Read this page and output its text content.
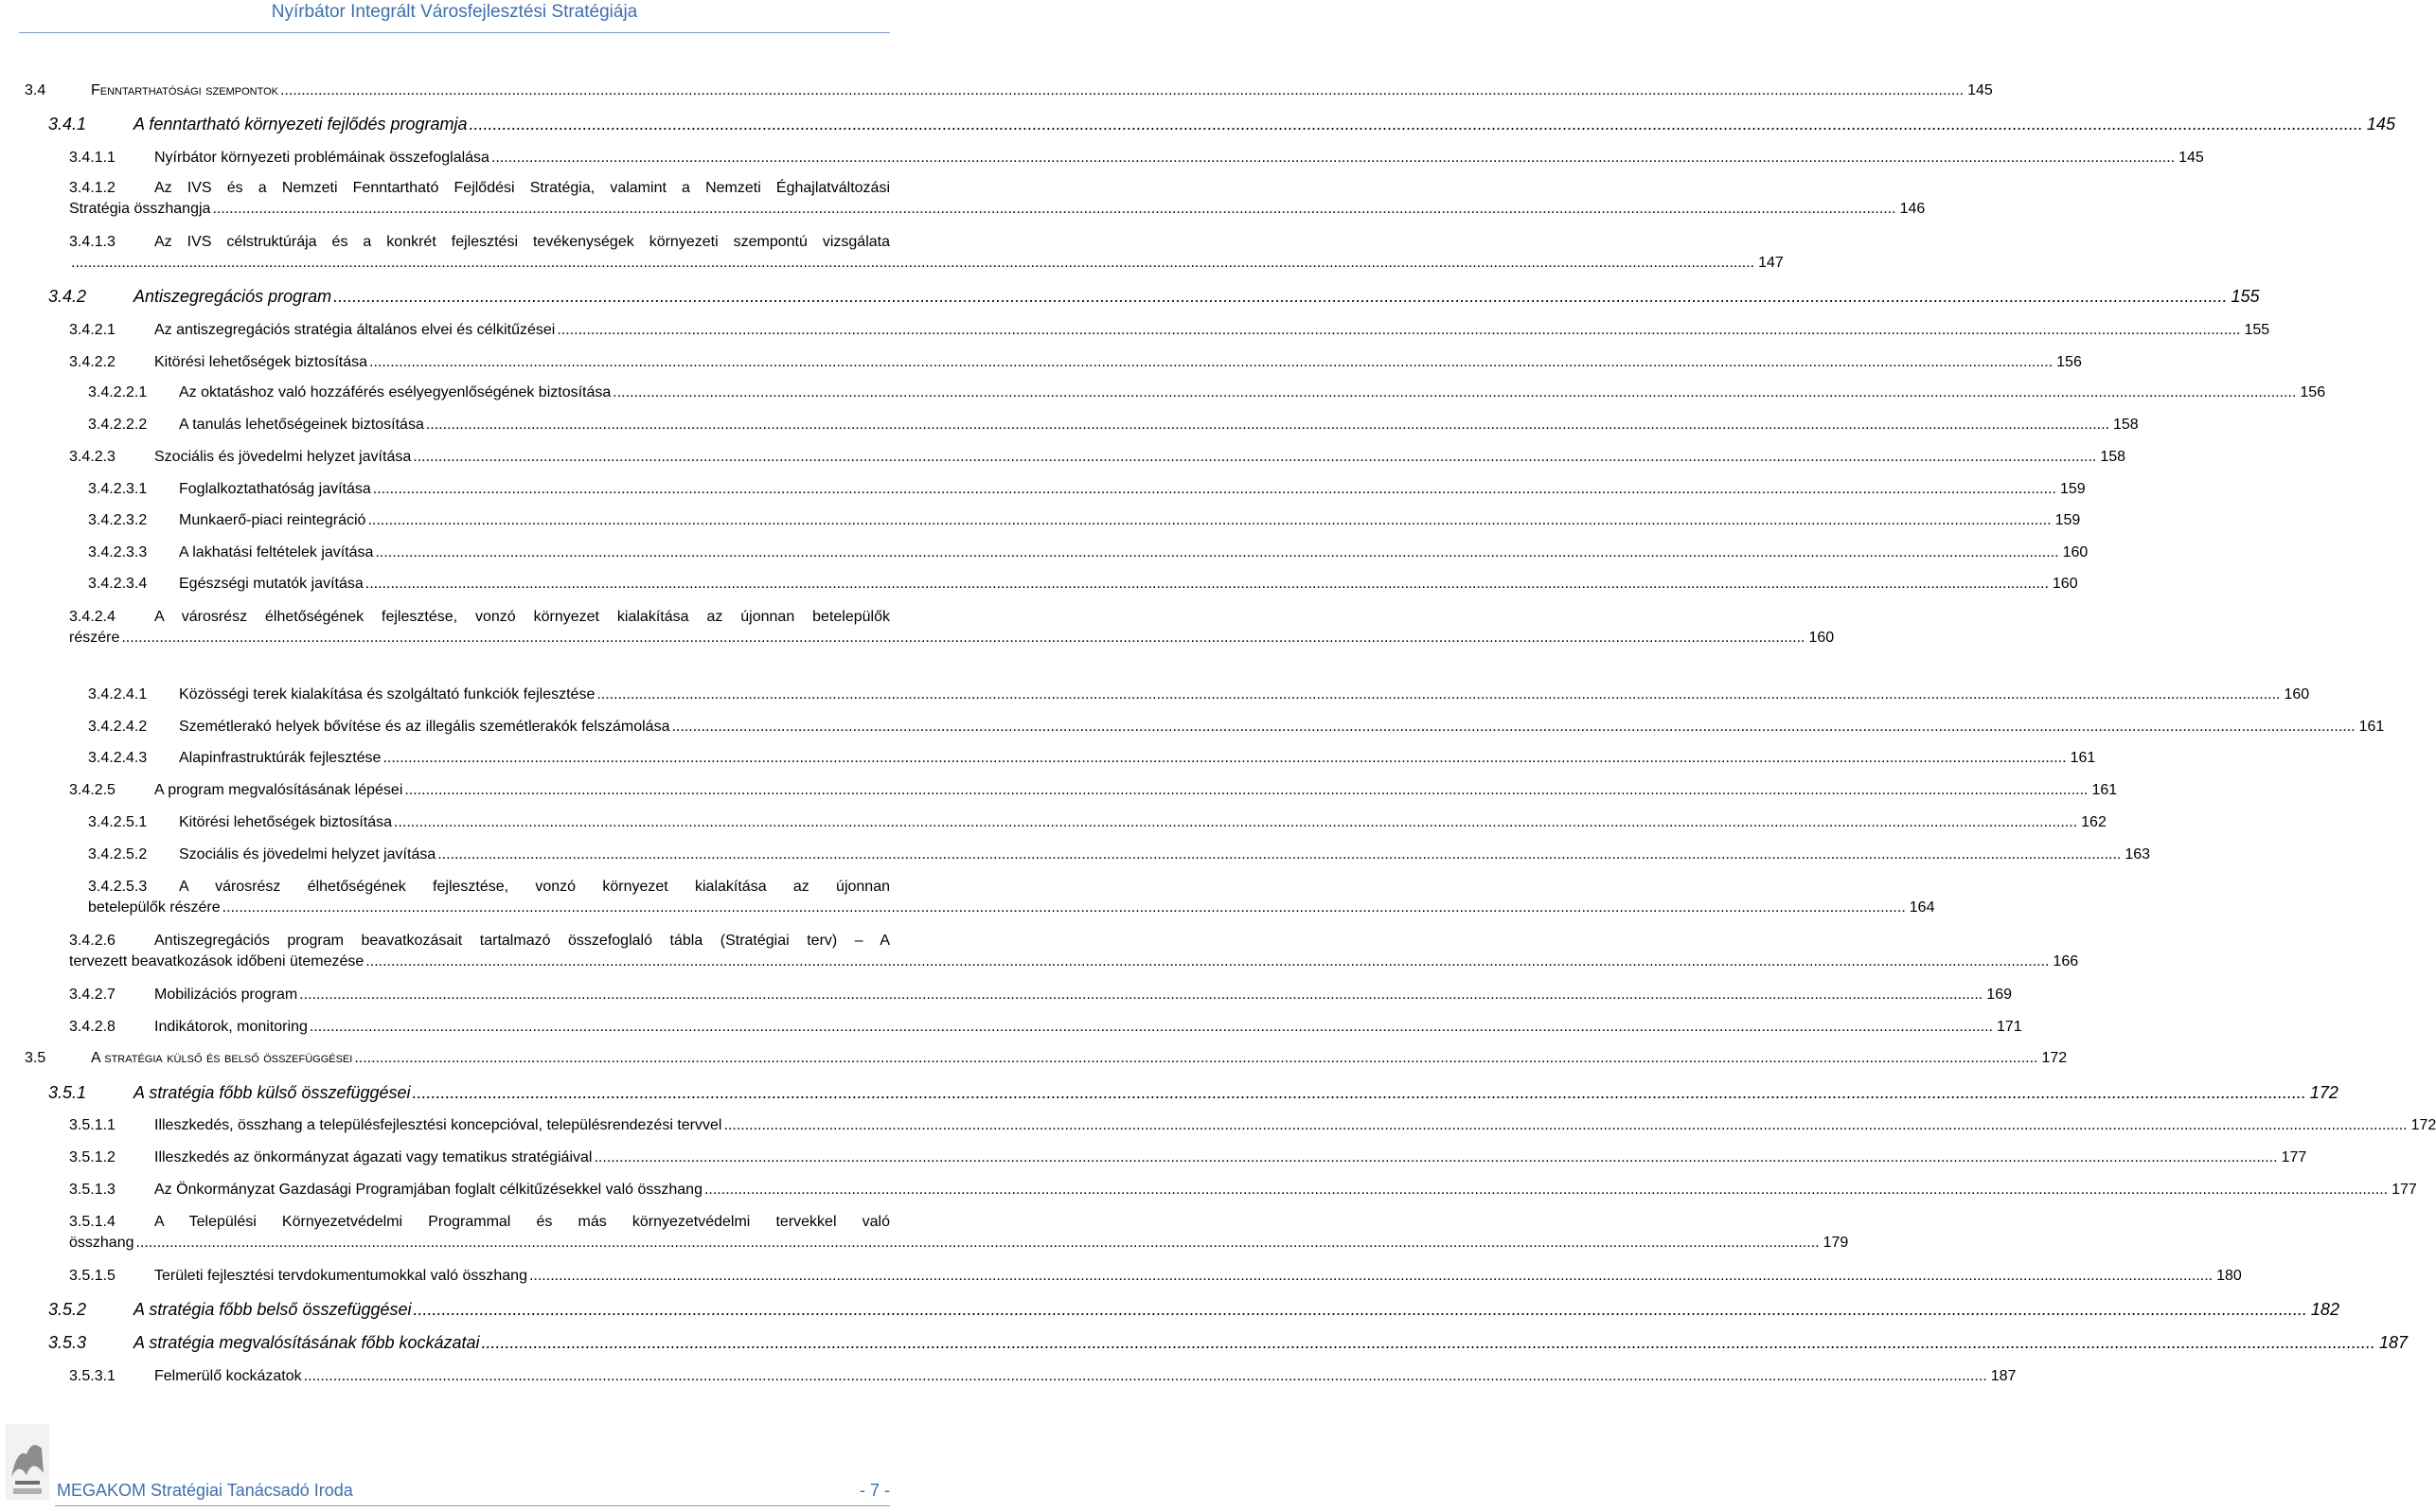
Nyírbátor Integrált Városfejlesztési Stratégiája
3.4	Fenntarthatósági szempontok ................................................................................................................................................................................................................................................................................................................................................................................................................ 145
3.4.1	A fenntartható környezeti fejlődés programja ................................................................................................................................................................................................................................................................................................................................................................................................................ 145
3.4.1.1	Nyírbátor környezeti problémáinak összefoglalása ................................................................................................................................................................................................................................................................................................................................................................................................................ 145
3.4.1.2	Az IVS és a Nemzeti Fenntartható Fejlődési Stratégia, valamint a Nemzeti Éghajlatváltozási
Stratégia összhangja ................................................................................................................................................................................................................................................................................................................................................................................................................ 146
3.4.1.3	Az IVS célstruktúrája és a konkrét fejlesztési tevékenységek környezeti szempontú vizsgálata
................................................................................................................................................................................................................................................................................................................................................................................................................ 147
3.4.2	Antiszegregációs program ................................................................................................................................................................................................................................................................................................................................................................................................................ 155
3.4.2.1	Az antiszegregációs stratégia általános elvei és célkitűzései ................................................................................................................................................................................................................................................................................................................................................................................................................ 155
3.4.2.2	Kitörési lehetőségek biztosítása ................................................................................................................................................................................................................................................................................................................................................................................................................ 156
3.4.2.2.1 Az oktatáshoz való hozzáférés esélyegyenlőségének biztosítása ................................................................................................................................................................................................................................................................................................................................................................................................................ 156
3.4.2.2.2 A tanulás lehetőségeinek biztosítása ................................................................................................................................................................................................................................................................................................................................................................................................................ 158
3.4.2.3	Szociális és jövedelmi helyzet javítása ................................................................................................................................................................................................................................................................................................................................................................................................................ 158
3.4.2.3.1 Foglalkoztathatóság javítása ................................................................................................................................................................................................................................................................................................................................................................................................................ 159
3.4.2.3.2 Munkaerő-piaci reintegráció ................................................................................................................................................................................................................................................................................................................................................................................................................ 159
3.4.2.3.3 A lakhatási feltételek javítása ................................................................................................................................................................................................................................................................................................................................................................................................................ 160
3.4.2.3.4 Egészségi mutatók javítása ................................................................................................................................................................................................................................................................................................................................................................................................................ 160
3.4.2.4	A városrész élhetőségének fejlesztése, vonzó környezet kialakítása az újonnan betelepülők
részére ................................................................................................................................................................................................................................................................................................................................................................................................................ 160
3.4.2.4.1 Közösségi terek kialakítása és szolgáltató funkciók fejlesztése ................................................................................................................................................................................................................................................................................................................................................................................................................ 160
3.4.2.4.2 Szemétlerakó helyek bővítése és az illegális szemétlerakók felszámolása ................................................................................................................................................................................................................................................................................................................................................................................................................ 161
3.4.2.4.3 Alapinfrastruktúrák fejlesztése ................................................................................................................................................................................................................................................................................................................................................................................................................ 161
3.4.2.5	A program megvalósításának lépései ................................................................................................................................................................................................................................................................................................................................................................................................................ 161
3.4.2.5.1 Kitörési lehetőségek biztosítása ................................................................................................................................................................................................................................................................................................................................................................................................................ 162
3.4.2.5.2 Szociális és jövedelmi helyzet javítása ................................................................................................................................................................................................................................................................................................................................................................................................................ 163
3.4.2.5.3 A városrész élhetőségének fejlesztése, vonzó környezet kialakítása az újonnan
betelepülők részére ................................................................................................................................................................................................................................................................................................................................................................................................................ 164
3.4.2.6	Antiszegregációs program beavatkozásait tartalmazó összefoglaló tábla (Stratégiai terv) – A
tervezett beavatkozások időbeni ütemezése ................................................................................................................................................................................................................................................................................................................................................................................................................ 166
3.4.2.7	Mobilizációs program ................................................................................................................................................................................................................................................................................................................................................................................................................ 169
3.4.2.8	Indikátorok, monitoring ................................................................................................................................................................................................................................................................................................................................................................................................................ 171
3.5	A stratégia külső és belső összefüggései ................................................................................................................................................................................................................................................................................................................................................................................................................ 172
3.5.1	A stratégia főbb külső összefüggései ................................................................................................................................................................................................................................................................................................................................................................................................................ 172
3.5.1.1	Illeszkedés, összhang a településfejlesztési koncepcióval, településrendezési tervvel ................................................................................................................................................................................................................................................................................................................................................................................................................ 172
3.5.1.2	Illeszkedés az önkormányzat ágazati vagy tematikus stratégiáival ................................................................................................................................................................................................................................................................................................................................................................................................................ 177
3.5.1.3	Az Önkormányzat Gazdasági Programjában foglalt célkitűzésekkel való összhang ................................................................................................................................................................................................................................................................................................................................................................................................................ 177
3.5.1.4	A Települési Környezetvédelmi Programmal és más környezetvédelmi tervekkel való
összhang ................................................................................................................................................................................................................................................................................................................................................................................................................ 179
3.5.1.5	Területi fejlesztési tervdokumentumokkal való összhang ................................................................................................................................................................................................................................................................................................................................................................................................................ 180
3.5.2	A stratégia főbb belső összefüggései ................................................................................................................................................................................................................................................................................................................................................................................................................ 182
3.5.3	A stratégia megvalósításának főbb kockázatai ................................................................................................................................................................................................................................................................................................................................................................................................................ 187
3.5.3.1	Felmerülő kockázatok ................................................................................................................................................................................................................................................................................................................................................................................................................ 187
MEGAKOM Stratégiai Tanácsadó Iroda	- 7 -
